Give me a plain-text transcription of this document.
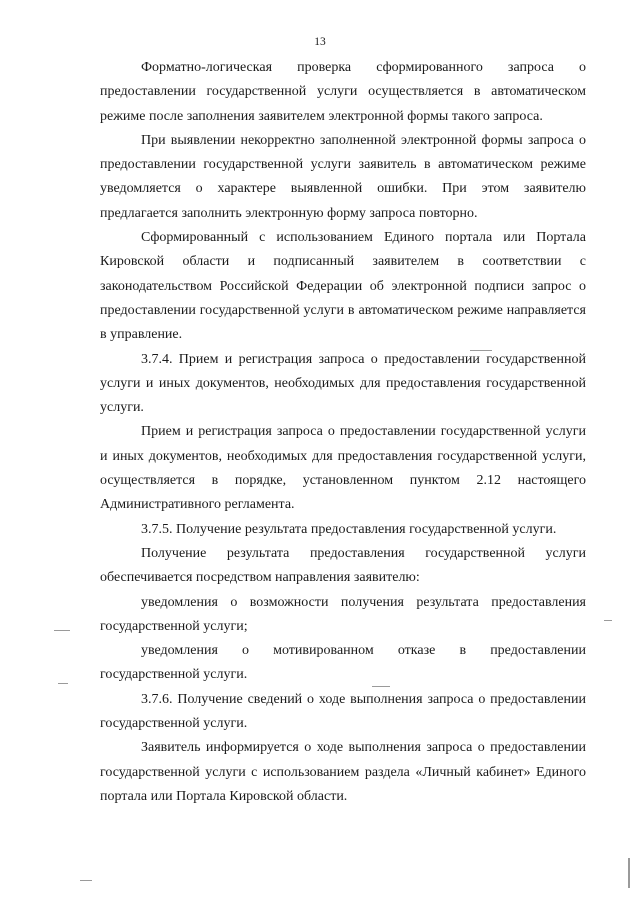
13

Форматно-логическая проверка сформированного запроса о предоставлении государственной услуги осуществляется в автоматическом режиме после заполнения заявителем электронной формы такого запроса.

При выявлении некорректно заполненной электронной формы запроса о предоставлении государственной услуги заявитель в автоматическом режиме уведомляется о характере выявленной ошибки. При этом заявителю предлагается заполнить электронную форму запроса повторно.

Сформированный с использованием Единого портала или Портала Кировской области и подписанный заявителем в соответствии с законодательством Российской Федерации об электронной подписи запрос о предоставлении государственной услуги в автоматическом режиме направляется в управление.

3.7.4. Прием и регистрация запроса о предоставлении государственной услуги и иных документов, необходимых для предоставления государственной услуги.

Прием и регистрация запроса о предоставлении государственной услуги и иных документов, необходимых для предоставления государственной услуги, осуществляется в порядке, установленном пунктом 2.12 настоящего Административного регламента.

3.7.5. Получение результата предоставления государственной услуги.

Получение результата предоставления государственной услуги обеспечивается посредством направления заявителю:

уведомления о возможности получения результата предоставления государственной услуги;

уведомления о мотивированном отказе в предоставлении государственной услуги.

3.7.6. Получение сведений о ходе выполнения запроса о предоставлении государственной услуги.

Заявитель информируется о ходе выполнения запроса о предоставлении государственной услуги с использованием раздела «Личный кабинет» Единого портала или Портала Кировской области.
